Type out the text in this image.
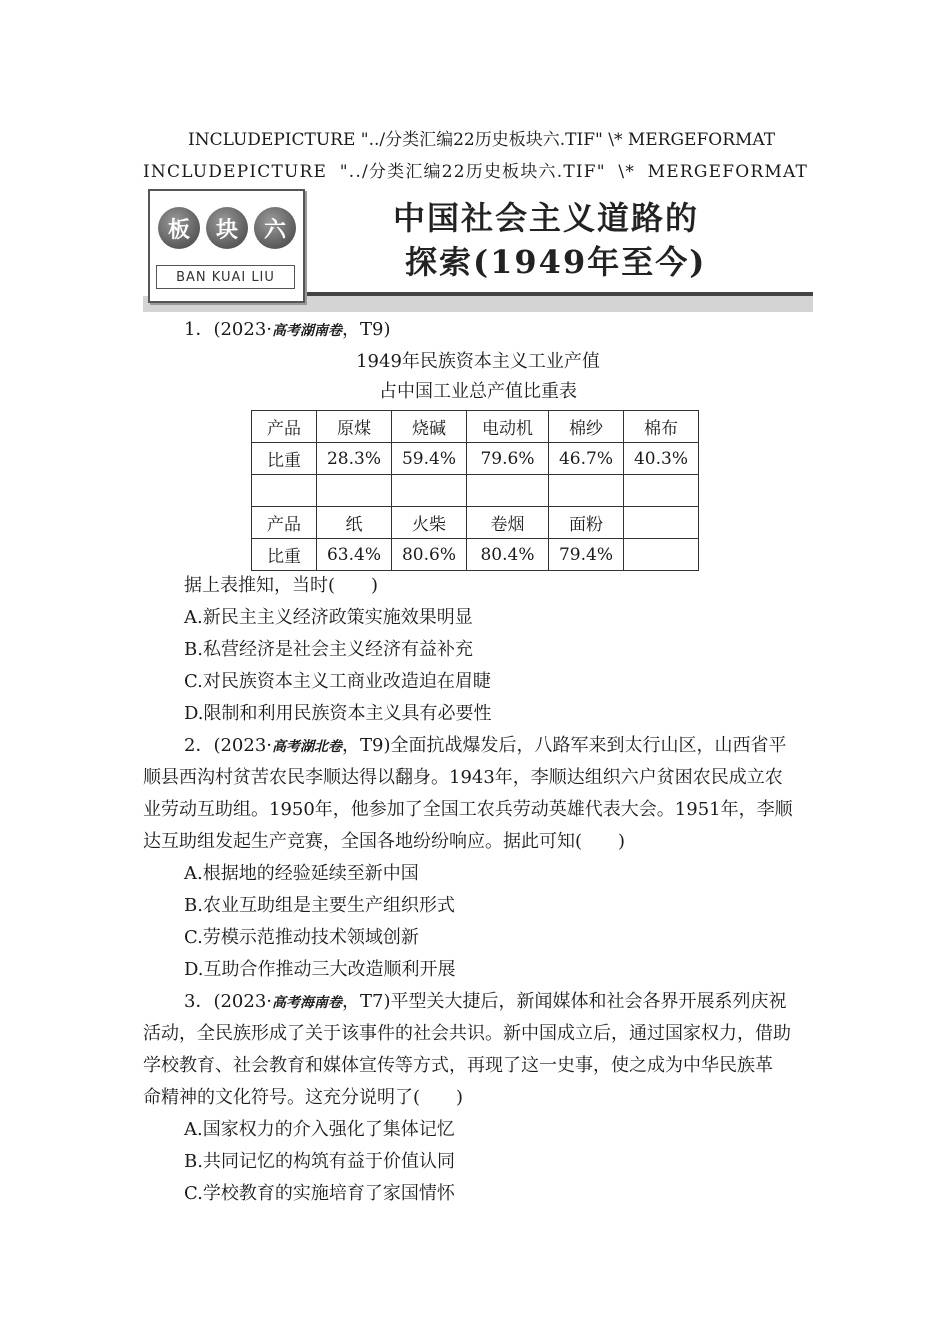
INCLUDEPICTURE "../分类汇编22历史板块六.TIF" \* MERGEFORMAT
INCLUDEPICTURE "../分类汇编22历史板块六.TIF" \* MERGEFORMAT
板	块	六
BAN KUAI LIU
中国社会主义道路的
探索(1949年至今)
1．(2023·高考湖南卷，T9)
1949年民族资本主义工业产值
占中国工业总产值比重表
产品	原煤	烧碱	电动机	棉纱	棉布
比重	28.3%	59.4%	79.6%	46.7%	40.3%

产品	纸	火柴	卷烟	面粉	
比重	63.4%	80.6%	80.4%	79.4%	
据上表推知，当时(　　)
A.新民主主义经济政策实施效果明显
B.私营经济是社会主义经济有益补充
C.对民族资本主义工商业改造迫在眉睫
D.限制和利用民族资本主义具有必要性
2．(2023·高考湖北卷，T9)全面抗战爆发后，八路军来到太行山区，山西省平
顺县西沟村贫苦农民李顺达得以翻身。1943年，李顺达组织六户贫困农民成立农
业劳动互助组。1950年，他参加了全国工农兵劳动英雄代表大会。1951年，李顺
达互助组发起生产竞赛，全国各地纷纷响应。据此可知(　　)
A.根据地的经验延续至新中国
B.农业互助组是主要生产组织形式
C.劳模示范推动技术领域创新
D.互助合作推动三大改造顺利开展
3．(2023·高考海南卷，T7)平型关大捷后，新闻媒体和社会各界开展系列庆祝
活动，全民族形成了关于该事件的社会共识。新中国成立后，通过国家权力，借助
学校教育、社会教育和媒体宣传等方式，再现了这一史事，使之成为中华民族革
命精神的文化符号。这充分说明了(　　)
A.国家权力的介入强化了集体记忆
B.共同记忆的构筑有益于价值认同
C.学校教育的实施培育了家国情怀
